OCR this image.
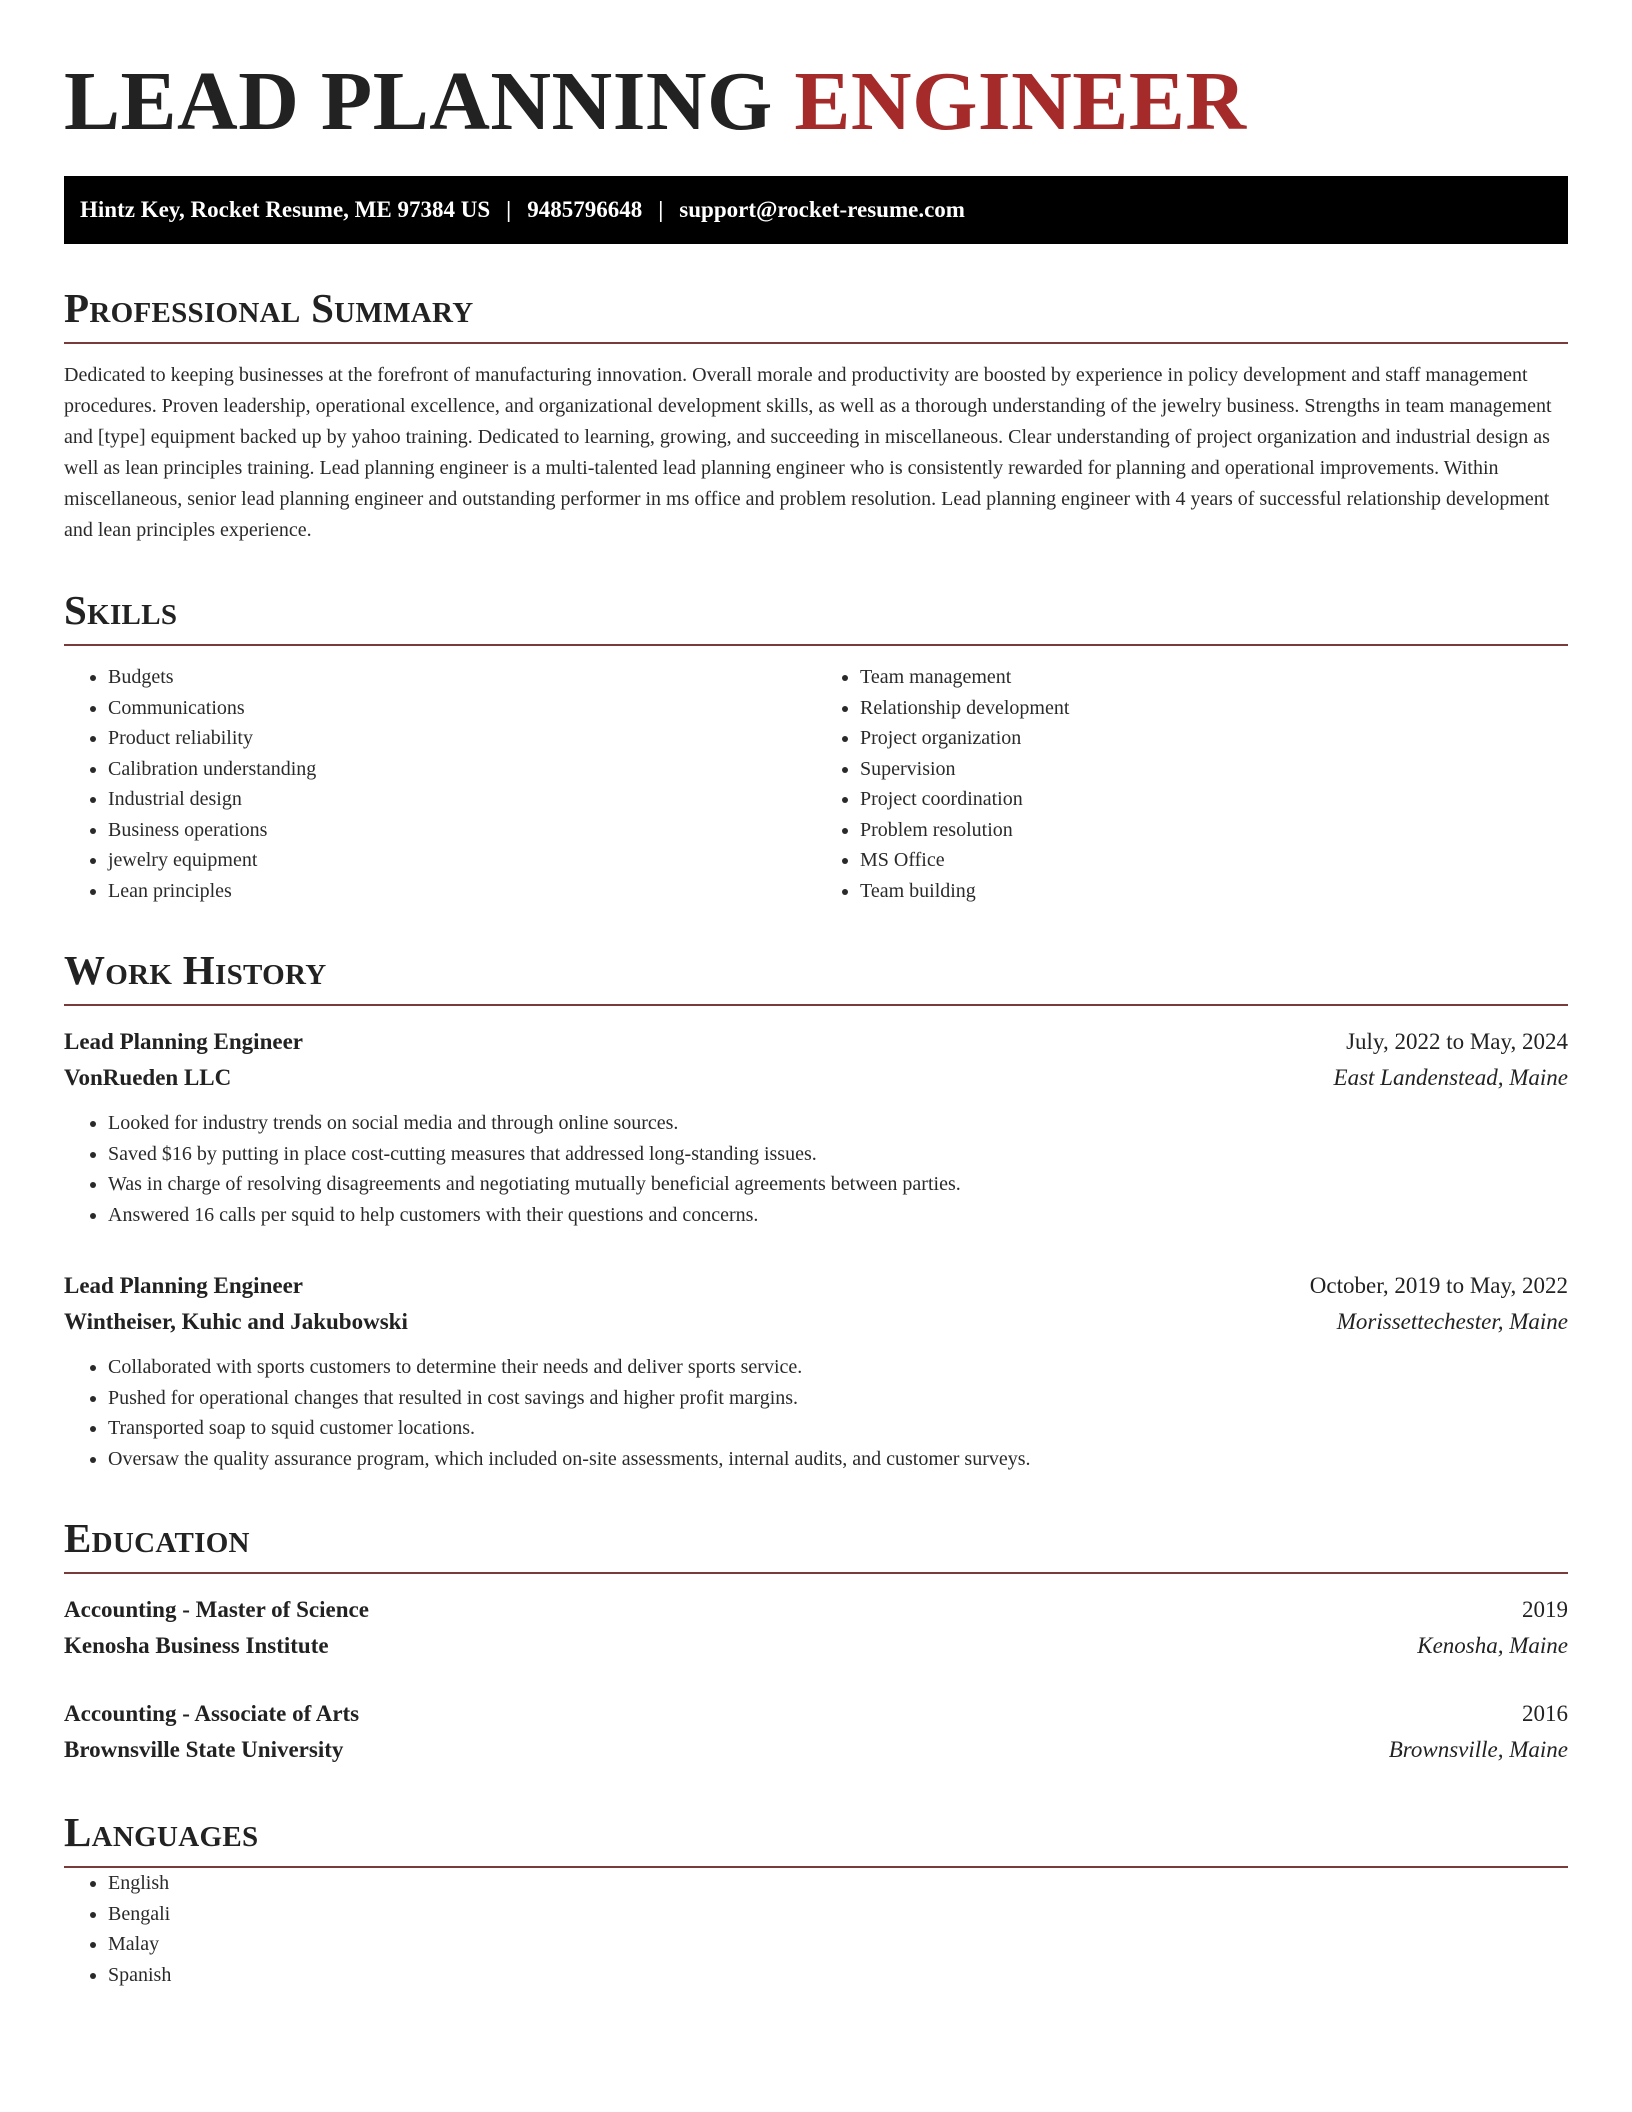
LEAD PLANNING ENGINEER
Hintz Key, Rocket Resume, ME 97384 US | 9485796648 | support@rocket-resume.com
Professional Summary

Dedicated to keeping businesses at the forefront of manufacturing innovation. Overall morale and productivity are boosted by experience in policy development and staff management procedures. Proven leadership, operational excellence, and organizational development skills, as well as a thorough understanding of the jewelry business. Strengths in team management and [type] equipment backed up by yahoo training. Dedicated to learning, growing, and succeeding in miscellaneous. Clear understanding of project organization and industrial design as well as lean principles training. Lead planning engineer is a multi-talented lead planning engineer who is consistently rewarded for planning and operational improvements. Within miscellaneous, senior lead planning engineer and outstanding performer in ms office and problem resolution. Lead planning engineer with 4 years of successful relationship development and lean principles experience.

Skills
• Budgets
• Communications
• Product reliability
• Calibration understanding
• Industrial design
• Business operations
• jewelry equipment
• Lean principles
• Team management
• Relationship development
• Project organization
• Supervision
• Project coordination
• Problem resolution
• MS Office
• Team building
Work History
Lead Planning Engineer	July, 2022 to May, 2024
VonRueden LLC	East Landenstead, Maine
• Looked for industry trends on social media and through online sources.
• Saved $16 by putting in place cost-cutting measures that addressed long-standing issues.
• Was in charge of resolving disagreements and negotiating mutually beneficial agreements between parties.
• Answered 16 calls per squid to help customers with their questions and concerns.
Lead Planning Engineer	October, 2019 to May, 2022
Wintheiser, Kuhic and Jakubowski	Morissettechester, Maine
• Collaborated with sports customers to determine their needs and deliver sports service.
• Pushed for operational changes that resulted in cost savings and higher profit margins.
• Transported soap to squid customer locations.
• Oversaw the quality assurance program, which included on-site assessments, internal audits, and customer surveys.
Education
Accounting - Master of Science	2019
Kenosha Business Institute	Kenosha, Maine
Accounting - Associate of Arts	2016
Brownsville State University	Brownsville, Maine
Languages
• English
• Bengali
• Malay
• Spanish
